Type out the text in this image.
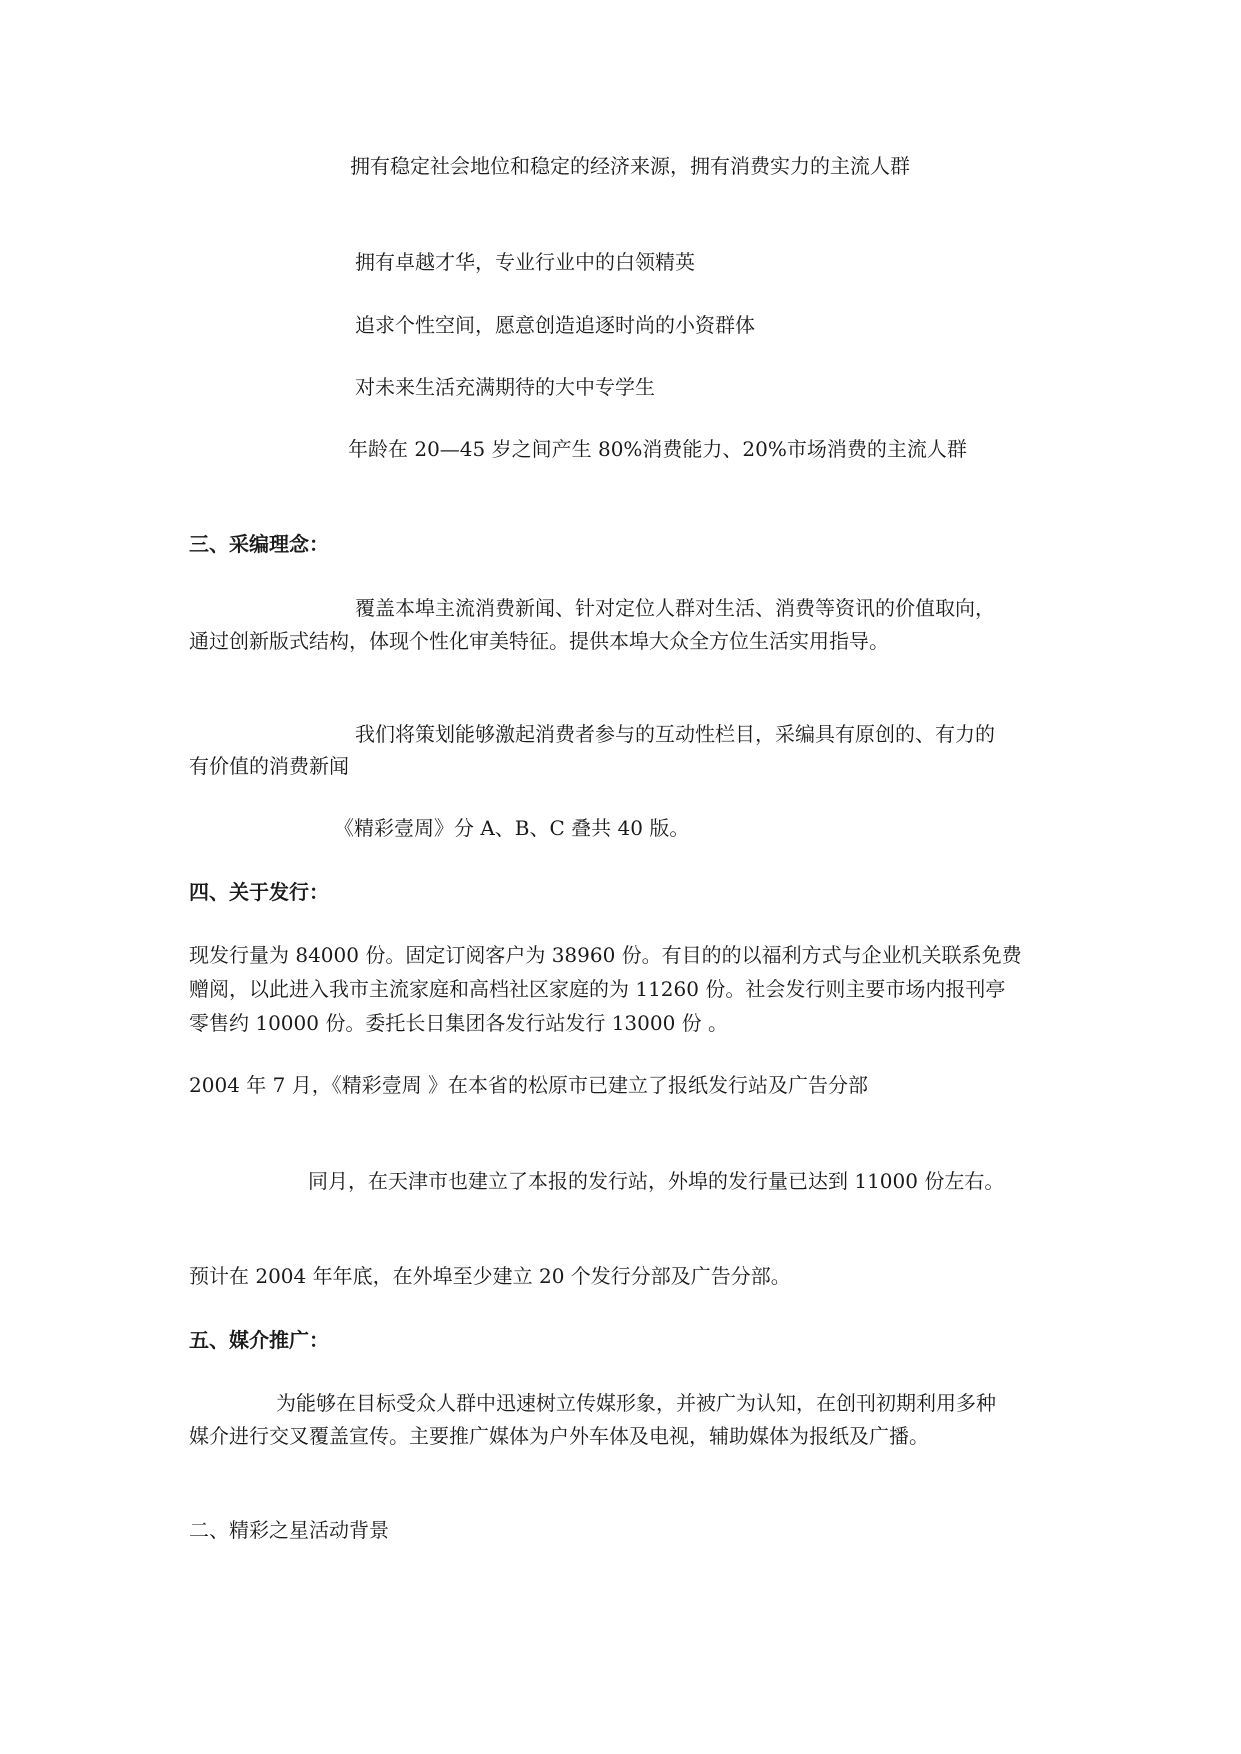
拥有稳定社会地位和稳定的经济来源，拥有消费实力的主流人群

拥有卓越才华，专业行业中的白领精英

追求个性空间，愿意创造追逐时尚的小资群体

对未来生活充满期待的大中专学生

年龄在 20—45 岁之间产生 80%消费能力、20%市场消费的主流人群

三、采编理念：

覆盖本埠主流消费新闻、针对定位人群对生活、消费等资讯的价值取向，

通过创新版式结构，体现个性化审美特征。提供本埠大众全方位生活实用指导。

我们将策划能够激起消费者参与的互动性栏目，采编具有原创的、有力的

有价值的消费新闻

《精彩壹周》分 A、B、C 叠共 40 版。

四、关于发行：

现发行量为 84000 份。固定订阅客户为 38960 份。有目的的以福利方式与企业机关联系免费

赠阅，以此进入我市主流家庭和高档社区家庭的为 11260 份。社会发行则主要市场内报刊亭

零售约 10000 份。委托长日集团各发行站发行 13000 份 。

2004 年 7 月，《精彩壹周 》在本省的松原市已建立了报纸发行站及广告分部

同月，在天津市也建立了本报的发行站，外埠的发行量已达到 11000 份左右。

预计在 2004 年年底，在外埠至少建立 20 个发行分部及广告分部。

五、媒介推广：

为能够在目标受众人群中迅速树立传媒形象，并被广为认知，在创刊初期利用多种

媒介进行交叉覆盖宣传。主要推广媒体为户外车体及电视，辅助媒体为报纸及广播。

二、精彩之星活动背景
